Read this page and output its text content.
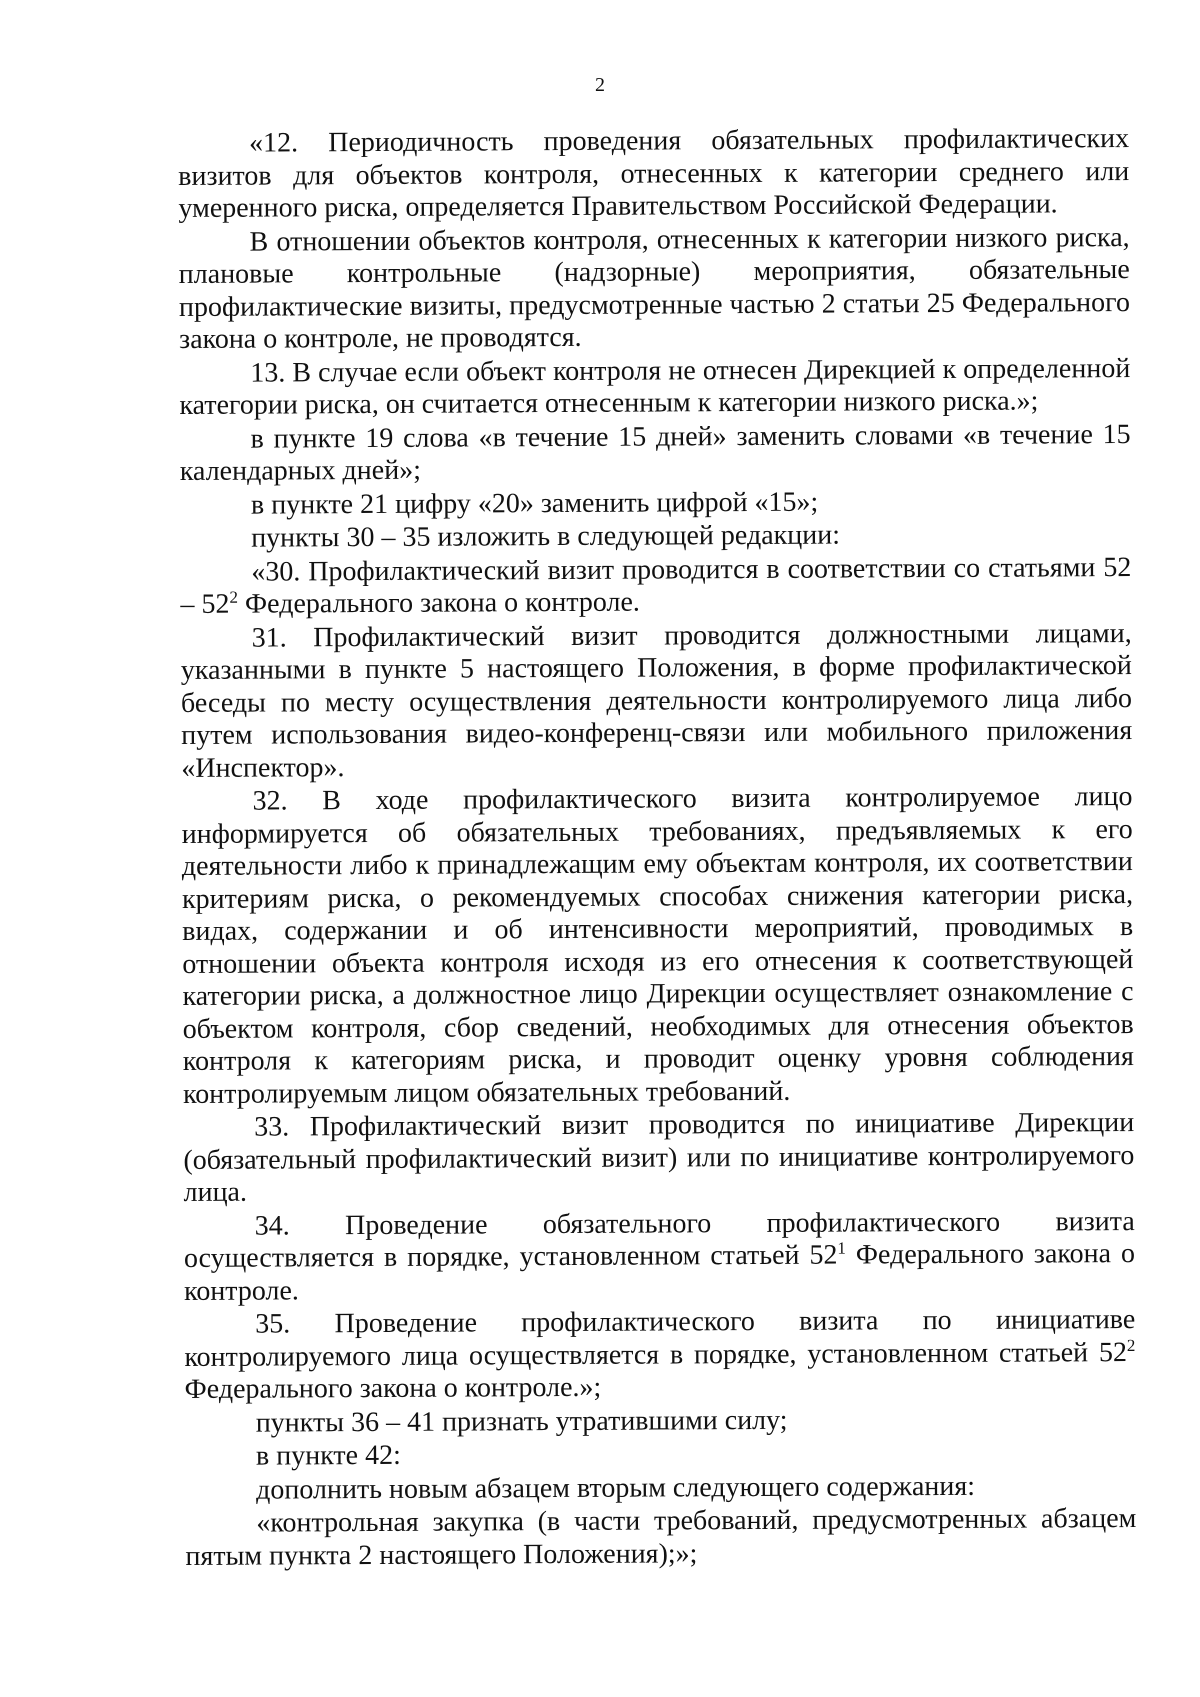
2

«12. Периодичность проведения обязательных профилактических визитов для объектов контроля, отнесенных к категории среднего или умеренного риска, определяется Правительством Российской Федерации.

В отношении объектов контроля, отнесенных к категории низкого риска, плановые контрольные (надзорные) мероприятия, обязательные профилактические визиты, предусмотренные частью 2 статьи 25 Федерального закона о контроле, не проводятся.

13. В случае если объект контроля не отнесен Дирекцией к определенной категории риска, он считается отнесенным к категории низкого риска.»;

в пункте 19 слова «в течение 15 дней» заменить словами «в течение 15 календарных дней»;

в пункте 21 цифру «20» заменить цифрой «15»;

пункты 30 – 35 изложить в следующей редакции:

«30. Профилактический визит проводится в соответствии со статьями $52 - 52^2$ Федерального закона о контроле.

31. Профилактический визит проводится должностными лицами, указанными в пункте 5 настоящего Положения, в форме профилактической беседы по месту осуществления деятельности контролируемого лица либо путем использования видео-конференц-связи или мобильного приложения «Инспектор».

32. В ходе профилактического визита контролируемое лицо информируется об обязательных требованиях, предъявляемых к его деятельности либо к принадлежащим ему объектам контроля, их соответствии критериям риска, о рекомендуемых способах снижения категории риска, видах, содержании и об интенсивности мероприятий, проводимых в отношении объекта контроля исходя из его отнесения к соответствующей категории риска, а должностное лицо Дирекции осуществляет ознакомление с объектом контроля, сбор сведений, необходимых для отнесения объектов контроля к категориям риска, и проводит оценку уровня соблюдения контролируемым лицом обязательных требований.

33. Профилактический визит проводится по инициативе Дирекции (обязательный профилактический визит) или по инициативе контролируемого лица.

34. Проведение обязательного профилактического визита осуществляется в порядке, установленном статьей $52^1$ Федерального закона о контроле.

35. Проведение профилактического визита по инициативе контролируемого лица осуществляется в порядке, установленном статьей $52^2$ Федерального закона о контроле.»;

пункты 36 – 41 признать утратившими силу;

в пункте 42:

дополнить новым абзацем вторым следующего содержания:

«контрольная закупка (в части требований, предусмотренных абзацем пятым пункта 2 настоящего Положения);»;
